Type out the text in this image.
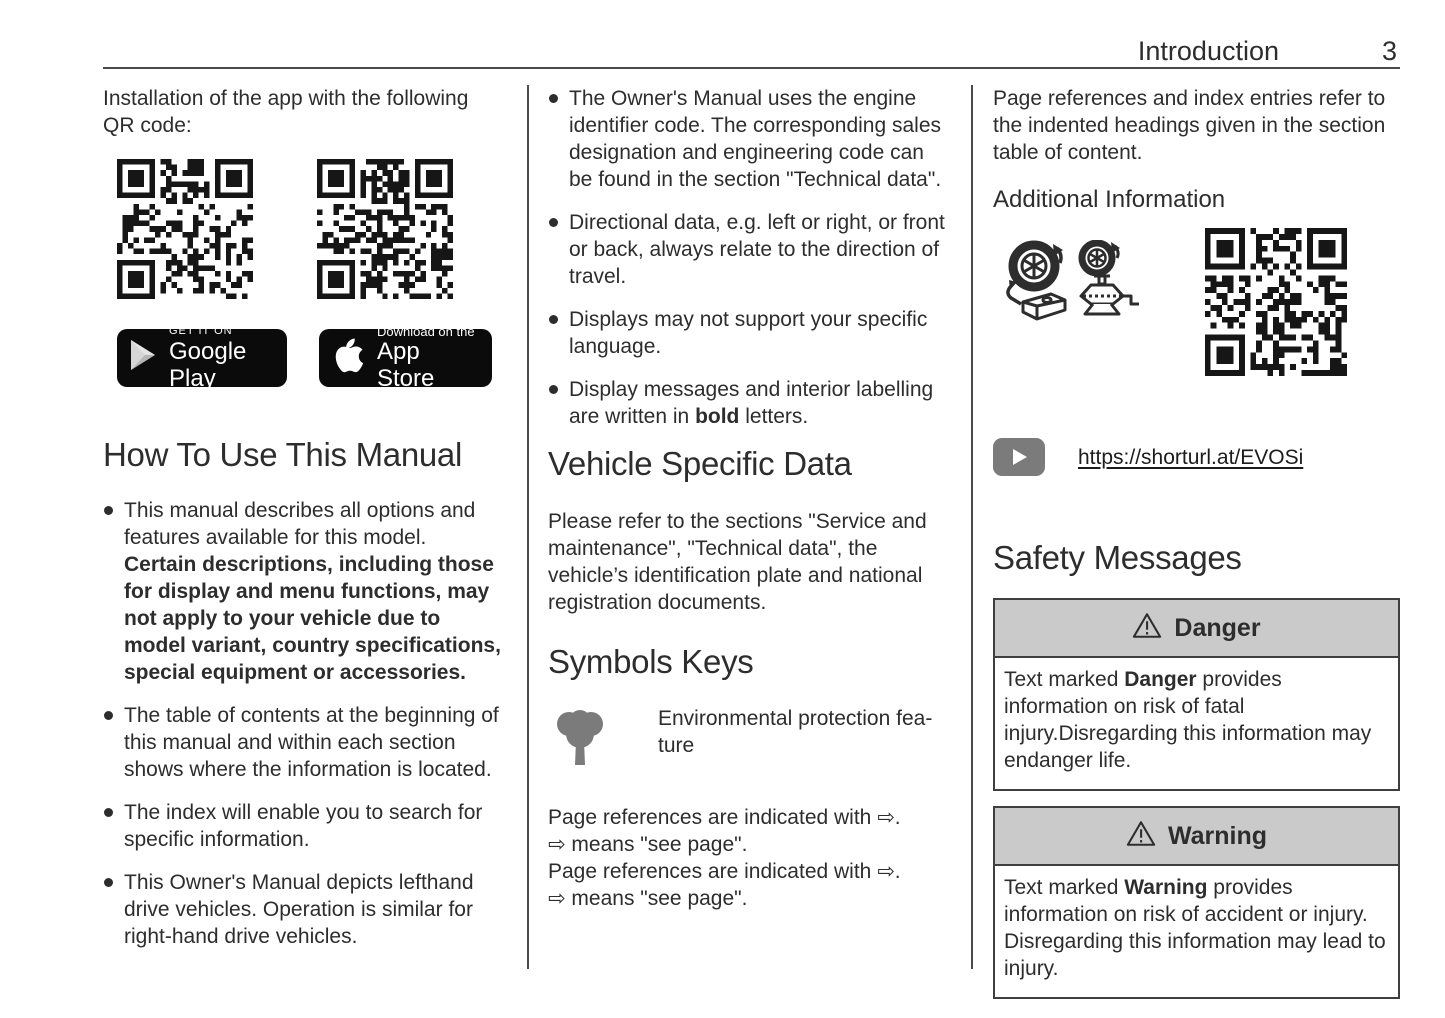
Introduction	3

Installation of the app with the following QR code:

GET IT ON
Google Play
Download on the
App Store
How To Use This Manual
This manual describes all options and features available for this model. Certain descriptions, including those for display and menu functions, may not apply to your vehicle due to model variant, country specifications, special equipment or accessories.
The table of contents at the beginning of this manual and within each section shows where the information is located.
The index will enable you to search for specific information.
This Owner's Manual depicts lefthand drive vehicles. Operation is similar for right-hand drive vehicles.
The Owner's Manual uses the engine identifier code. The corresponding sales designation and engineering code can be found in the section "Technical data".
Directional data, e.g. left or right, or front or back, always relate to the direction of travel.
Displays may not support your specific language.
Display messages and interior labelling are written in bold letters.
Vehicle Specific Data

Please refer to the sections "Service and maintenance", "Technical data", the vehicle’s identification plate and national registration documents.

Symbols Keys
Environmental protection fea-
ture
Page references are indicated with ⇨.
⇨ means "see page".
Page references are indicated with ⇨.
⇨ means "see page".

Page references and index entries refer to the indented headings given in the section table of content.

Additional Information
https://shorturl.at/EVOSi
Safety Messages
Danger
Text marked Danger provides information on risk of fatal injury.Disregarding this information may endanger life.
Warning
Text marked Warning provides information on risk of accident or injury. Disregarding this information may lead to injury.
